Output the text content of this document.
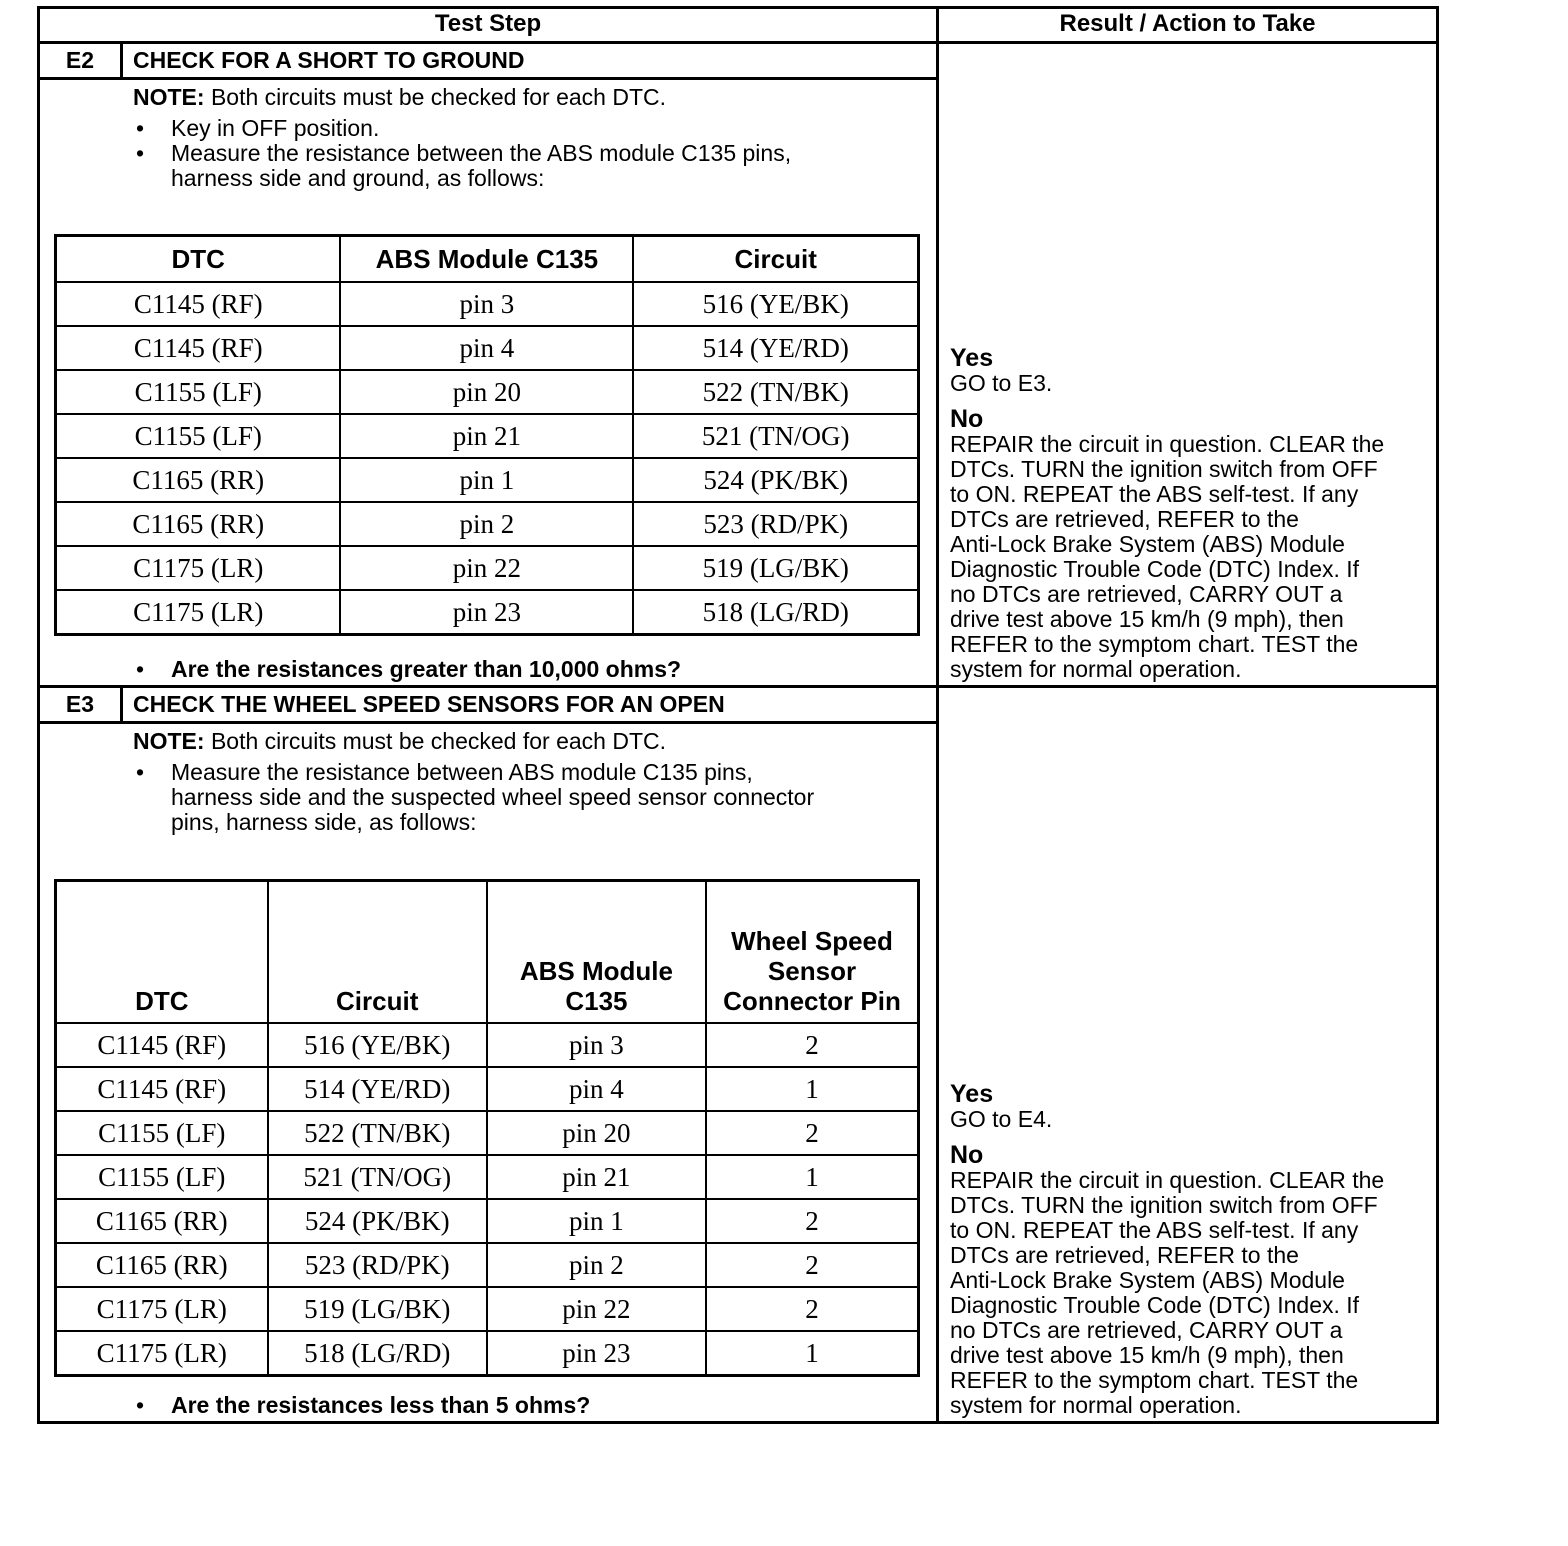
Test Step	Result / Action to Take
E2	CHECK FOR A SHORT TO GROUND
NOTE: Both circuits must be checked for each DTC.
• Key in OFF position.
• Measure the resistance between the ABS module C135 pins,
harness side and ground, as follows:
DTC	ABS Module C135	Circuit
C1145 (RF)	pin 3	516 (YE/BK)
C1145 (RF)	pin 4	514 (YE/RD)
C1155 (LF)	pin 20	522 (TN/BK)
C1155 (LF)	pin 21	521 (TN/OG)
C1165 (RR)	pin 1	524 (PK/BK)
C1165 (RR)	pin 2	523 (RD/PK)
C1175 (LR)	pin 22	519 (LG/BK)
C1175 (LR)	pin 23	518 (LG/RD)
• Are the resistances greater than 10,000 ohms?
Yes
GO to E3.
No
REPAIR the circuit in question. CLEAR the
DTCs. TURN the ignition switch from OFF
to ON. REPEAT the ABS self-test. If any
DTCs are retrieved, REFER to the
Anti-Lock Brake System (ABS) Module
Diagnostic Trouble Code (DTC) Index. If
no DTCs are retrieved, CARRY OUT a
drive test above 15 km/h (9 mph), then
REFER to the symptom chart. TEST the
system for normal operation.
E3	CHECK THE WHEEL SPEED SENSORS FOR AN OPEN
NOTE: Both circuits must be checked for each DTC.
• Measure the resistance between ABS module C135 pins,
harness side and the suspected wheel speed sensor connector
pins, harness side, as follows:
DTC	Circuit	ABS Module C135	Wheel Speed Sensor Connector Pin
C1145 (RF)	516 (YE/BK)	pin 3	2
C1145 (RF)	514 (YE/RD)	pin 4	1
C1155 (LF)	522 (TN/BK)	pin 20	2
C1155 (LF)	521 (TN/OG)	pin 21	1
C1165 (RR)	524 (PK/BK)	pin 1	2
C1165 (RR)	523 (RD/PK)	pin 2	2
C1175 (LR)	519 (LG/BK)	pin 22	2
C1175 (LR)	518 (LG/RD)	pin 23	1
• Are the resistances less than 5 ohms?
Yes
GO to E4.
No
REPAIR the circuit in question. CLEAR the
DTCs. TURN the ignition switch from OFF
to ON. REPEAT the ABS self-test. If any
DTCs are retrieved, REFER to the
Anti-Lock Brake System (ABS) Module
Diagnostic Trouble Code (DTC) Index. If
no DTCs are retrieved, CARRY OUT a
drive test above 15 km/h (9 mph), then
REFER to the symptom chart. TEST the
system for normal operation.
